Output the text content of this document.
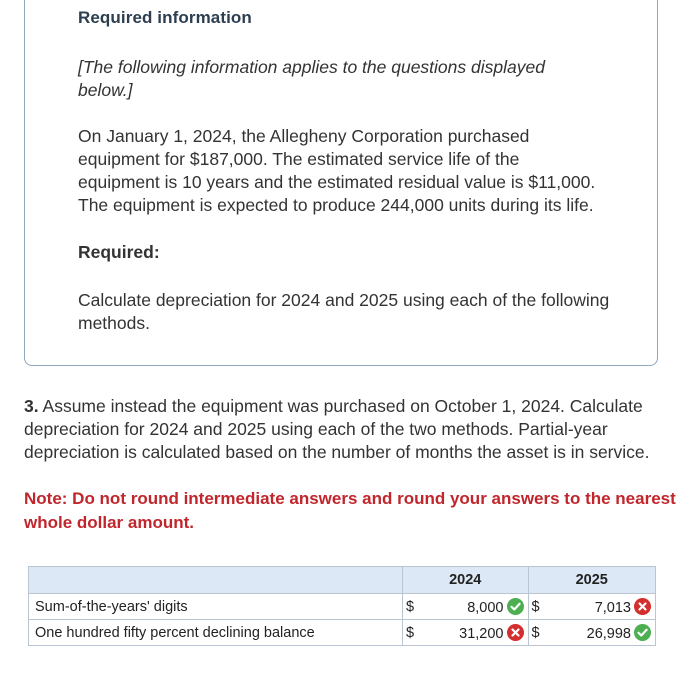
Required information
[The following information applies to the questions displayed below.]
On January 1, 2024, the Allegheny Corporation purchased equipment for $187,000. The estimated service life of the equipment is 10 years and the estimated residual value is $11,000. The equipment is expected to produce 244,000 units during its life.
Required:
Calculate depreciation for 2024 and 2025 using each of the following methods.
3. Assume instead the equipment was purchased on October 1, 2024. Calculate depreciation for 2024 and 2025 using each of the two methods. Partial-year depreciation is calculated based on the number of months the asset is in service.
Note: Do not round intermediate answers and round your answers to the nearest whole dollar amount.
	2024		2025	
Sum-of-the-years' digits	$	8,000	$	7,013

One hundred fifty percent declining balance	$	31,200	$	26,998
